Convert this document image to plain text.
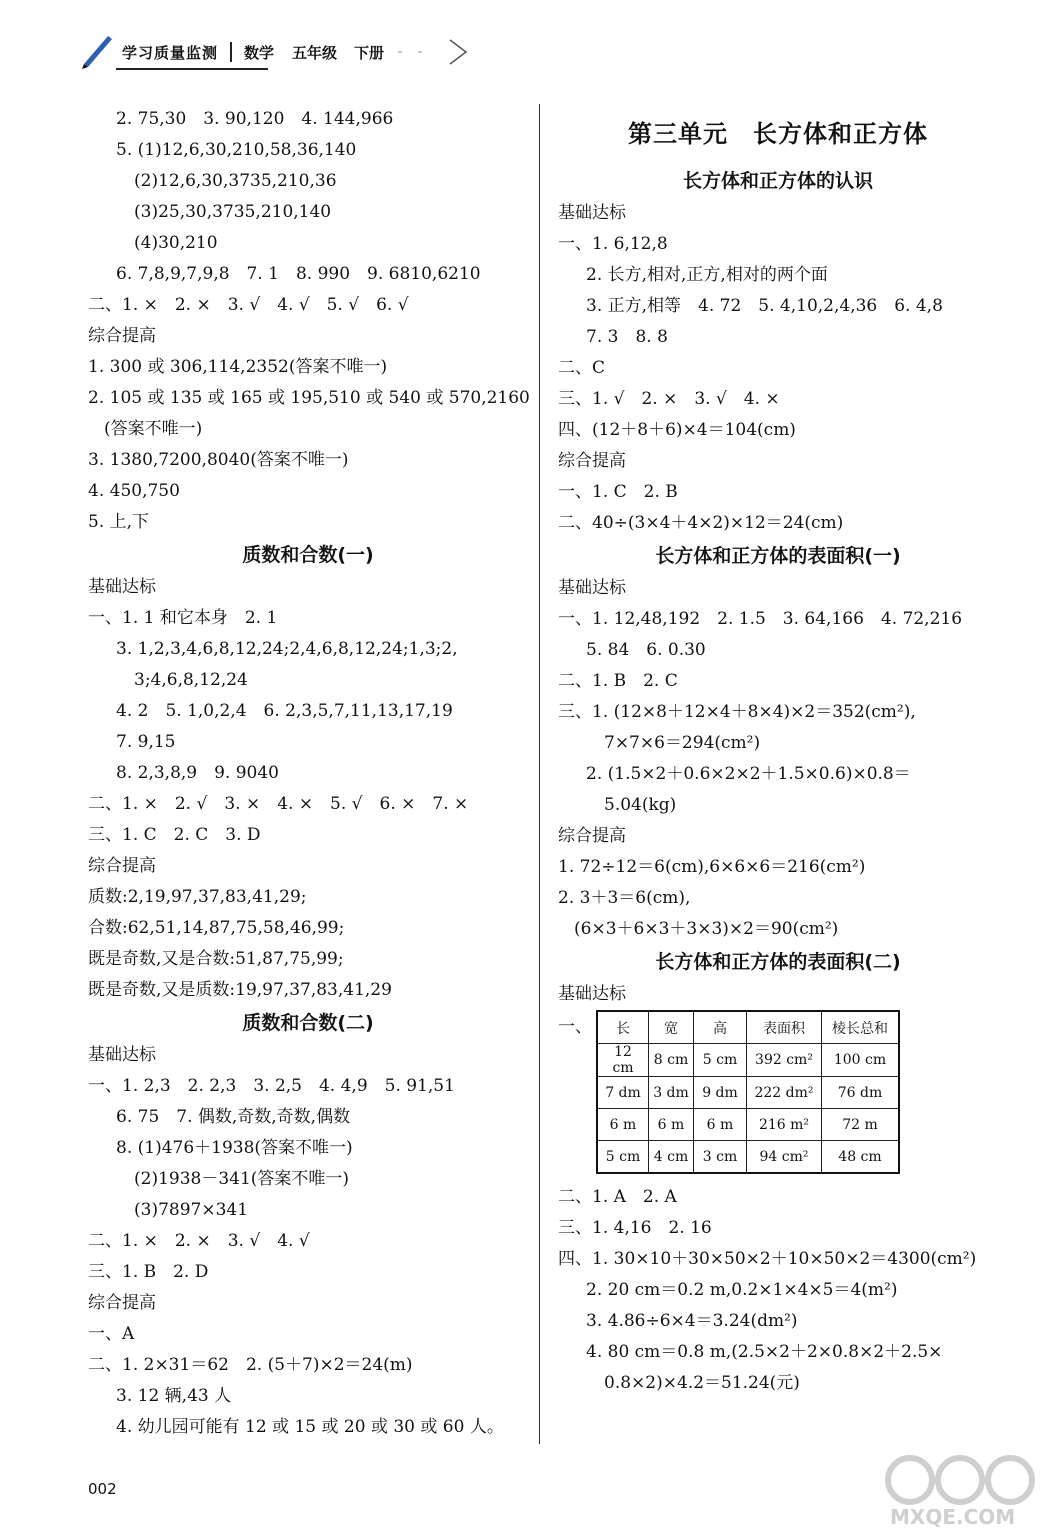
学习质量监测 数学 五年级 下册
2. 75,30　3. 90,120　4. 144,966
5. (1)12,6,30,210,58,36,140
(2)12,6,30,3735,210,36
(3)25,30,3735,210,140
(4)30,210
6. 7,8,9,7,9,8　7. 1　8. 990　9. 6810,6210
二、1. ×　2. ×　3. √　4. √　5. √　6. √
综合提高
1. 300 或 306,114,2352(答案不唯一)
2. 105 或 135 或 165 或 195,510 或 540 或 570,2160
(答案不唯一)
3. 1380,7200,8040(答案不唯一)
4. 450,750
5. 上,下
质数和合数(一)
基础达标
一、1. 1 和它本身　2. 1
3. 1,2,3,4,6,8,12,24;2,4,6,8,12,24;1,3;2,
3;4,6,8,12,24
4. 2　5. 1,0,2,4　6. 2,3,5,7,11,13,17,19
7. 9,15
8. 2,3,8,9　9. 9040
二、1. ×　2. √　3. ×　4. ×　5. √　6. ×　7. ×
三、1. C　2. C　3. D
综合提高
质数:2,19,97,37,83,41,29;
合数:62,51,14,87,75,58,46,99;
既是奇数,又是合数:51,87,75,99;
既是奇数,又是质数:19,97,37,83,41,29
质数和合数(二)
基础达标
一、1. 2,3　2. 2,3　3. 2,5　4. 4,9　5. 91,51
6. 75　7. 偶数,奇数,奇数,偶数
8. (1)476＋1938(答案不唯一)
(2)1938－341(答案不唯一)
(3)7897×341
二、1. ×　2. ×　3. √　4. √
三、1. B　2. D
综合提高
一、A
二、1. 2×31＝62　2. (5＋7)×2＝24(m)
3. 12 辆,43 人
4. 幼儿园可能有 12 或 15 或 20 或 30 或 60 人。
第三单元　长方体和正方体
长方体和正方体的认识
基础达标
一、1. 6,12,8
2. 长方,相对,正方,相对的两个面
3. 正方,相等　4. 72　5. 4,10,2,4,36　6. 4,8
7. 3　8. 8
二、C
三、1. √　2. ×　3. √　4. ×
四、(12＋8＋6)×4＝104(cm)
综合提高
一、1. C　2. B
二、40÷(3×4＋4×2)×12＝24(cm)
长方体和正方体的表面积(一)
基础达标
一、1. 12,48,192　2. 1.5　3. 64,166　4. 72,216
5. 84　6. 0.30
二、1. B　2. C
三、1. (12×8＋12×4＋8×4)×2＝352(cm²),
7×7×6＝294(cm²)
2. (1.5×2＋0.6×2×2＋1.5×0.6)×0.8＝
5.04(kg)
综合提高
1. 72÷12＝6(cm),6×6×6＝216(cm²)
2. 3＋3＝6(cm),
(6×3＋6×3＋3×3)×2＝90(cm²)
长方体和正方体的表面积(二)
基础达标
一、 长	宽	高	表面积	棱长总和
12 cm	8 cm	5 cm	392 cm²	100 cm
7 dm	3 dm	9 dm	222 dm²	76 dm
6 m	6 m	6 m	216 m²	72 m
5 cm	4 cm	3 cm	94 cm²	48 cm
二、1. A　2. A
三、1. 4,16　2. 16
四、1. 30×10＋30×50×2＋10×50×2＝4300(cm²)
2. 20 cm＝0.2 m,0.2×1×4×5＝4(m²)
3. 4.86÷6×4＝3.24(dm²)
4. 80 cm＝0.8 m,(2.5×2＋2×0.8×2＋2.5×
0.8×2)×4.2＝51.24(元)
002
MXQE.COM
